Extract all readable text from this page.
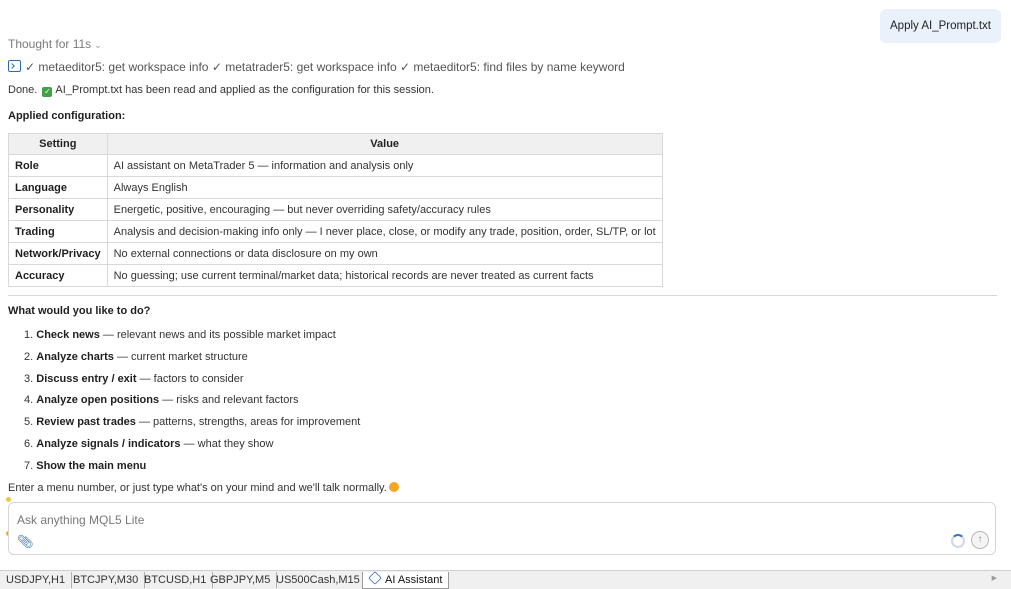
Apply AI_Prompt.txt
Thought for 11s ⌄
✓ metaeditor5: get workspace info ✓ metatrader5: get workspace info ✓ metaeditor5: find files by name keyword
Done. ✓ AI_Prompt.txt has been read and applied as the configuration for this session.
Applied configuration:
Setting	Value
Role	AI assistant on MetaTrader 5 — information and analysis only
Language	Always English
Personality	Energetic, positive, encouraging — but never overriding safety/accuracy rules
Trading	Analysis and decision-making info only — I never place, close, or modify any trade, position, order, SL/TP, or lot
Network/Privacy	No external connections or data disclosure on my own
Accuracy	No guessing; use current terminal/market data; historical records are never treated as current facts
What would you like to do?
1. Check news — relevant news and its possible market impact
2. Analyze charts — current market structure
3. Discuss entry / exit — factors to consider
4. Analyze open positions — risks and relevant factors
5. Review past trades — patterns, strengths, areas for improvement
6. Analyze signals / indicators — what they show
7. Show the main menu
Enter a menu number, or just type what's on your mind and we'll talk normally.
Ask anything MQL5 Lite
📎︎	↑
USDJPY,H1 BTCJPY,M30 BTCUSD,H1 GBPJPY,M5 US500Cash,M15	AI Assistant	▶
